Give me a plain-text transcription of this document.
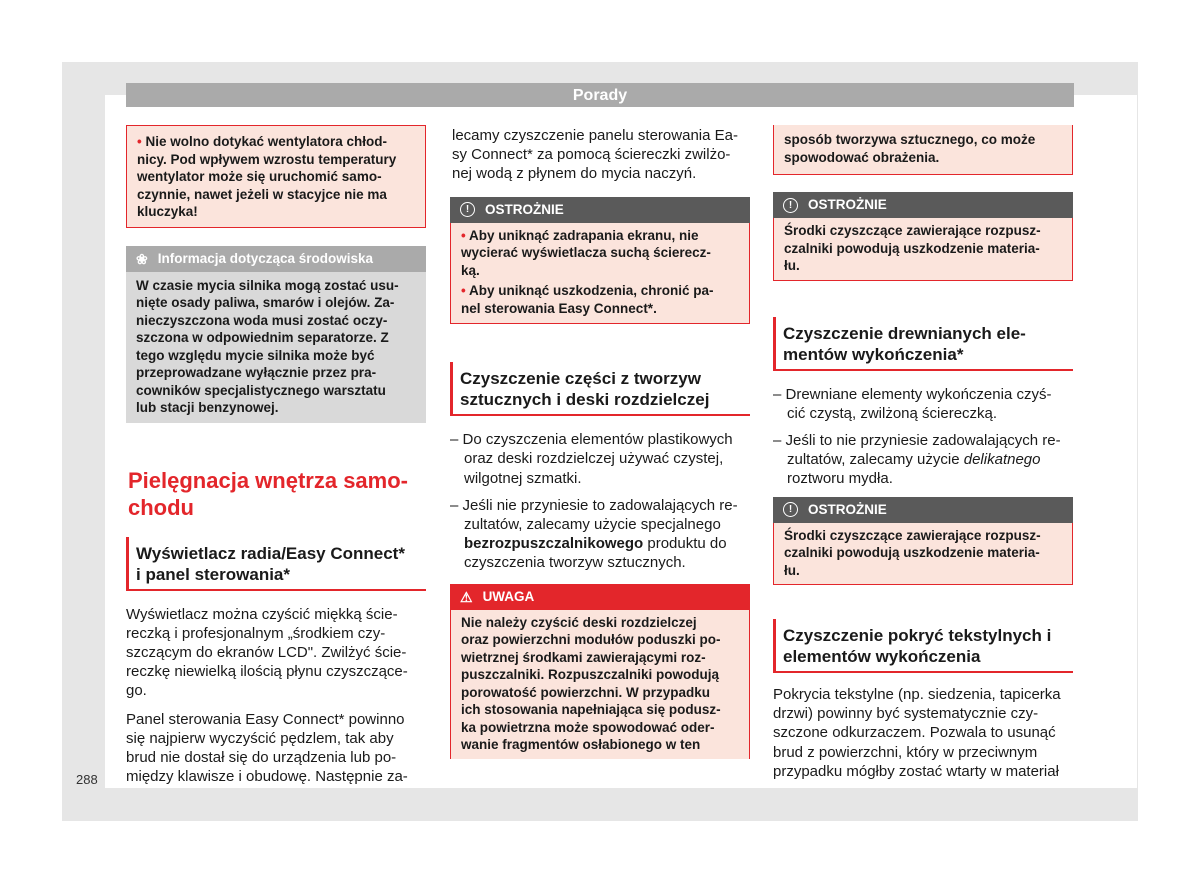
Porady
• Nie wolno dotykać wentylatora chłod-
nicy. Pod wpływem wzrostu temperatury
wentylator może się uruchomić samo-
czynnie, nawet jeżeli w stacyjce nie ma
kluczyka!
❀ Informacja dotycząca środowiska
W czasie mycia silnika mogą zostać usu-
nięte osady paliwa, smarów i olejów. Za-
nieczyszczona woda musi zostać oczy-
szczona w odpowiednim separatorze. Z
tego względu mycie silnika może być
przeprowadzane wyłącznie przez pra-
cowników specjalistycznego warsztatu
lub stacji benzynowej.
Pielęgnacja wnętrza samo-
chodu
Wyświetlacz radia/Easy Connect*
i panel sterowania*
Wyświetlacz można czyścić miękką ście-
reczką i profesjonalnym „środkiem czy-
szczącym do ekranów LCD". Zwilżyć ście-
reczkę niewielką ilością płynu czyszczące-
go.
Panel sterowania Easy Connect* powinno
się najpierw wyczyścić pędzlem, tak aby
brud nie dostał się do urządzenia lub po-
między klawisze i obudowę. Następnie za-
lecamy czyszczenie panelu sterowania Ea-
sy Connect* za pomocą ściereczki zwilżo-
nej wodą z płynem do mycia naczyń.
!	OSTROŻNIE
• Aby uniknąć zadrapania ekranu, nie
wycierać wyświetlacza suchą ścierecz-
ką.
• Aby uniknąć uszkodzenia, chronić pa-
nel sterowania Easy Connect*.
Czyszczenie części z tworzyw
sztucznych i deski rozdzielczej
– Do czyszczenia elementów plastikowych
oraz deski rozdzielczej używać czystej,
wilgotnej szmatki.
– Jeśli nie przyniesie to zadowalających re-
zultatów, zalecamy użycie specjalnego
bezrozpuszczalnikowego produktu do
czyszczenia tworzyw sztucznych.
⚠ UWAGA
Nie należy czyścić deski rozdzielczej
oraz powierzchni modułów poduszki po-
wietrznej środkami zawierającymi roz-
puszczalniki. Rozpuszczalniki powodują
porowatość powierzchni. W przypadku
ich stosowania napełniająca się podusz-
ka powietrzna może spowodować oder-
wanie fragmentów osłabionego w ten
sposób tworzywa sztucznego, co może
spowodować obrażenia.
!	OSTROŻNIE
Środki czyszczące zawierające rozpusz-
czalniki powodują uszkodzenie materia-
łu.
Czyszczenie drewnianych ele-
mentów wykończenia*
– Drewniane elementy wykończenia czyś-
cić czystą, zwilżoną ściereczką.
– Jeśli to nie przyniesie zadowalających re-
zultatów, zalecamy użycie delikatnego
roztworu mydła.
!	OSTROŻNIE
Środki czyszczące zawierające rozpusz-
czalniki powodują uszkodzenie materia-
łu.
Czyszczenie pokryć tekstylnych i
elementów wykończenia
Pokrycia tekstylne (np. siedzenia, tapicerka
drzwi) powinny być systematycznie czy-
szczone odkurzaczem. Pozwala to usunąć
brud z powierzchni, który w przeciwnym
przypadku mógłby zostać wtarty w materiał
288
